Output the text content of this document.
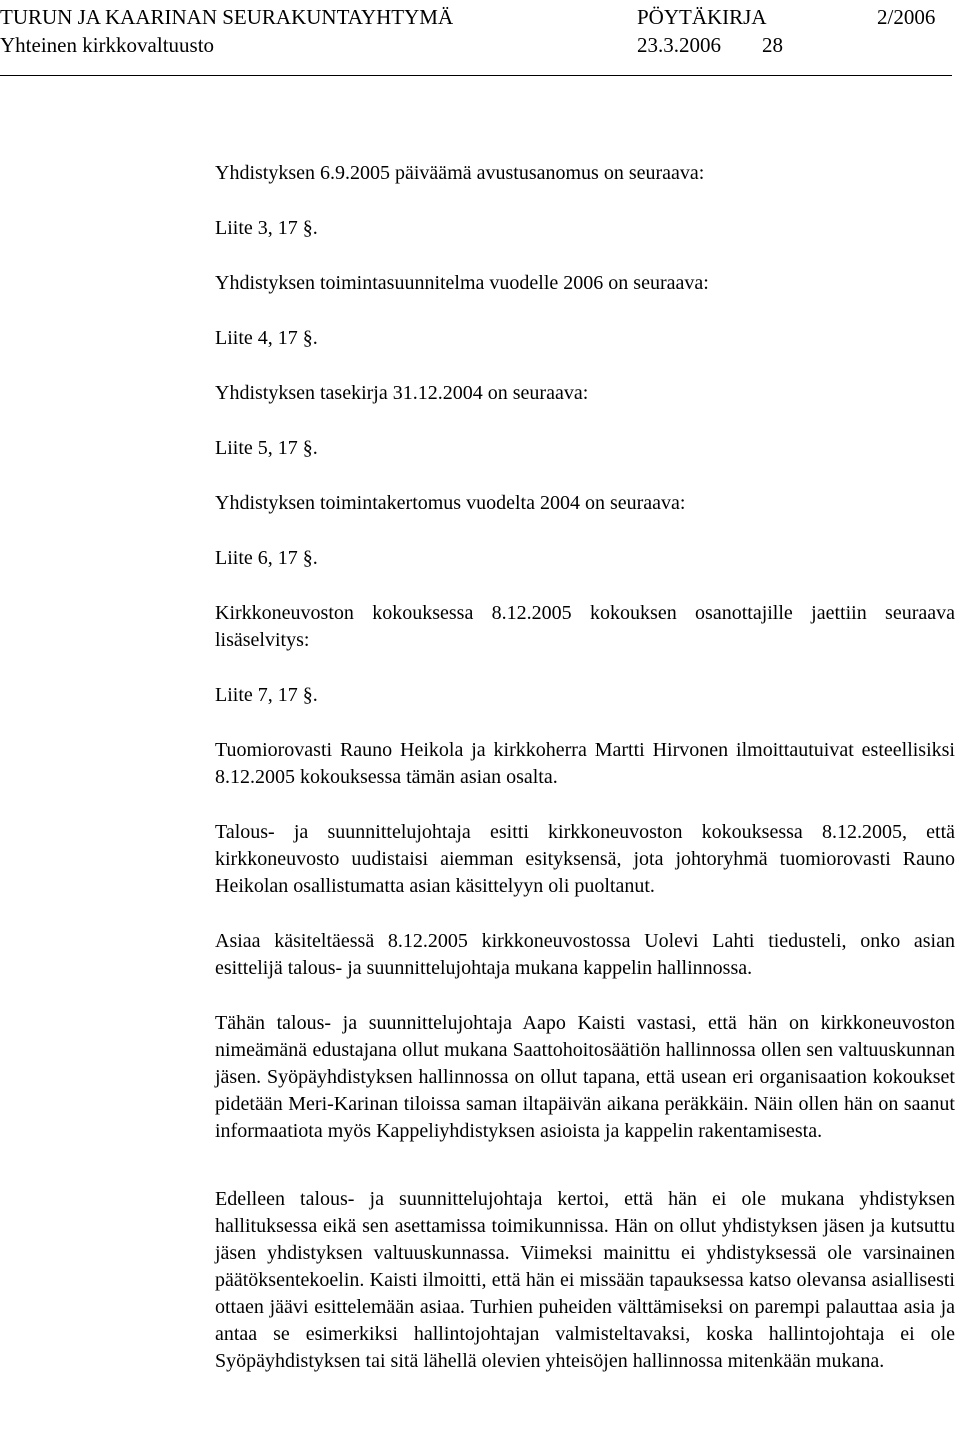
TURUN JA KAARINAN SEURAKUNTAYHTYMÄ	PÖYTÄKIRJA	2/2006
Yhteinen kirkkovaltuusto	23.3.2006 28
Yhdistyksen 6.9.2005 päiväämä avustusanomus on seuraava:
Liite 3, 17 §.
Yhdistyksen toimintasuunnitelma vuodelle 2006 on seuraava:
Liite 4, 17 §.
Yhdistyksen tasekirja 31.12.2004 on seuraava:
Liite 5, 17 §.
Yhdistyksen toimintakertomus vuodelta 2004 on seuraava:
Liite 6, 17 §.
Kirkkoneuvoston kokouksessa 8.12.2005 kokouksen osanottajille jaettiin seuraava lisäselvitys:
Liite 7, 17 §.
Tuomiorovasti Rauno Heikola ja kirkkoherra Martti Hirvonen ilmoittautuivat esteellisiksi 8.12.2005 kokouksessa tämän asian osalta.
Talous- ja suunnittelujohtaja esitti kirkkoneuvoston kokouksessa 8.12.2005, että kirkkoneuvosto uudistaisi aiemman esityksensä, jota johtoryhmä tuomiorovasti Rauno Heikolan osallistumatta asian käsittelyyn oli puoltanut.
Asiaa käsiteltäessä 8.12.2005 kirkkoneuvostossa Uolevi Lahti tiedusteli, onko asian esittelijä talous- ja suunnittelujohtaja mukana kappelin hallinnossa.
Tähän talous- ja suunnittelujohtaja Aapo Kaisti vastasi, että hän on kirkkoneuvoston nimeämänä edustajana ollut mukana Saattohoitosäätiön hallinnossa ollen sen valtuuskunnan jäsen. Syöpäyhdistyksen hallinnossa on ollut tapana, että usean eri organisaation kokoukset pidetään Meri-Karinan tiloissa saman iltapäivän aikana peräkkäin. Näin ollen hän on saanut informaatiota myös Kappeliyhdistyksen asioista ja kappelin rakentamisesta.
Edelleen talous- ja suunnittelujohtaja kertoi, että hän ei ole mukana yhdistyksen hallituksessa eikä sen asettamissa toimikunnissa. Hän on ollut yhdistyksen jäsen ja kutsuttu jäsen yhdistyksen valtuuskunnassa. Viimeksi mainittu ei yhdistyksessä ole varsinainen päätöksentekoelin. Kaisti ilmoitti, että hän ei missään tapauksessa katso olevansa asiallisesti ottaen jäävi esittelemään asiaa. Turhien puheiden välttämiseksi on parempi palauttaa asia ja antaa se esimerkiksi hallintojohtajan valmisteltavaksi, koska hallintojohtaja ei ole Syöpäyhdistyksen tai sitä lähellä olevien yhteisöjen hallinnossa mitenkään mukana.
